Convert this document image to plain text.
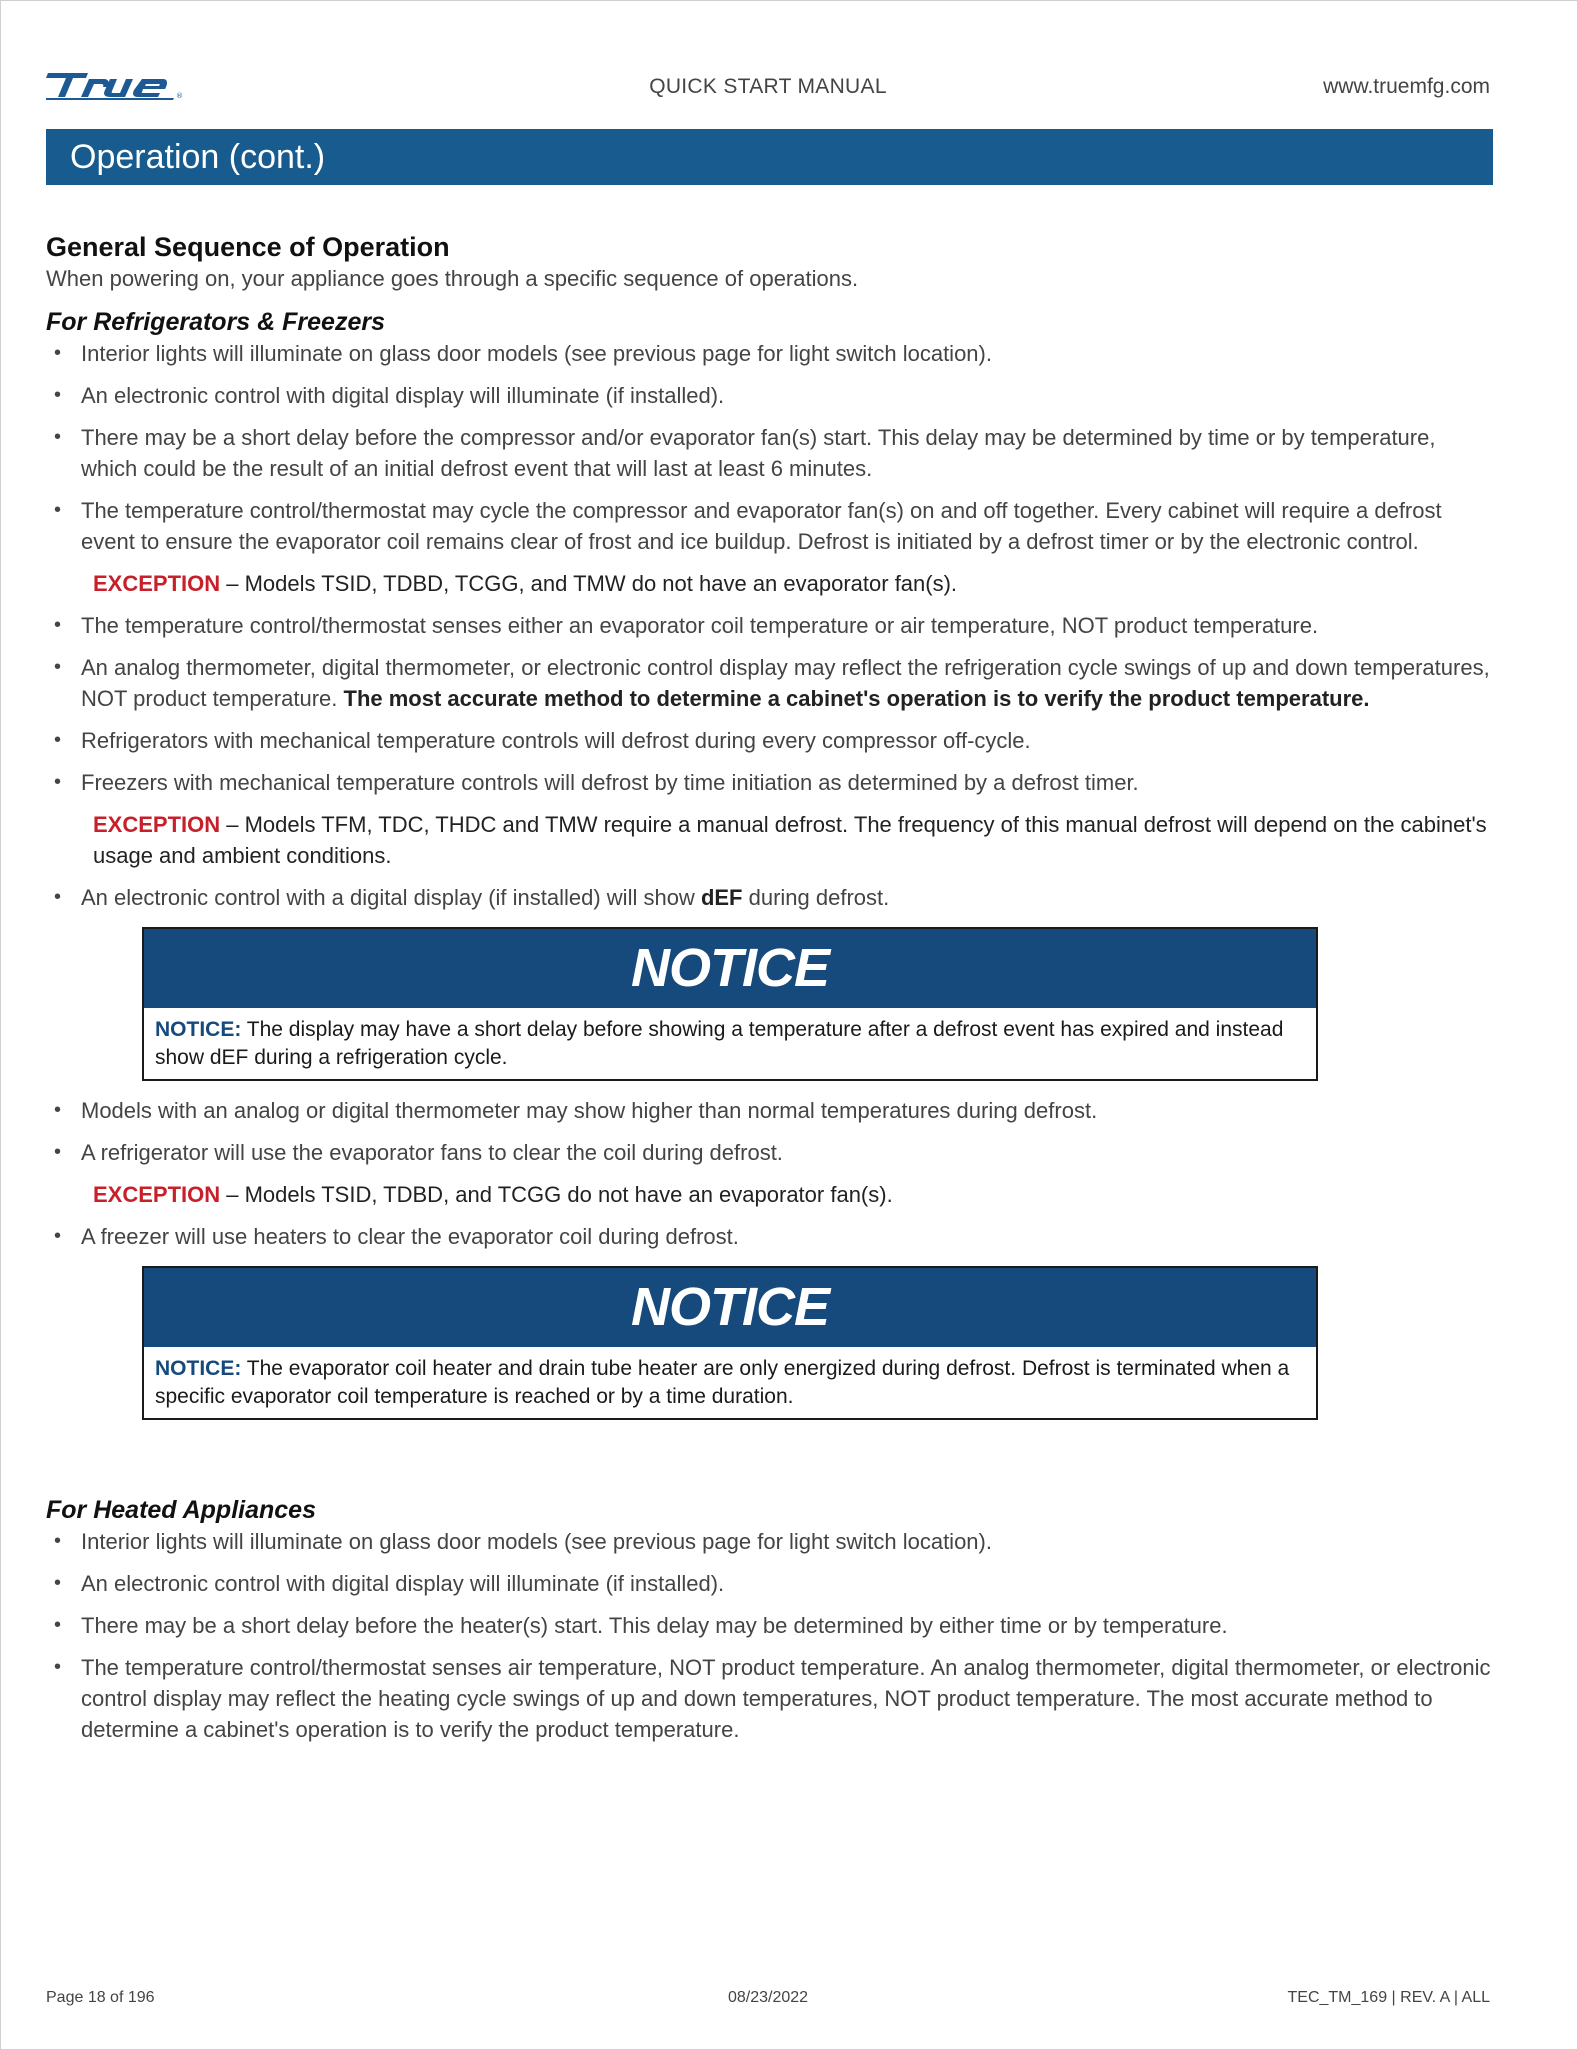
®	QUICK START MANUAL	www.truemfg.com
Operation (cont.)
General Sequence of Operation

When powering on, your appliance goes through a specific sequence of operations.

For Refrigerators & Freezers
• Interior lights will illuminate on glass door models (see previous page for light switch location).
• An electronic control with digital display will illuminate (if installed).
• There may be a short delay before the compressor and/or evaporator fan(s) start. This delay may be determined by time or by temperature, which could be the result of an initial defrost event that will last at least 6 minutes.
• The temperature control/thermostat may cycle the compressor and evaporator fan(s) on and off together. Every cabinet will require a defrost event to ensure the evaporator coil remains clear of frost and ice buildup. Defrost is initiated by a defrost timer or by the electronic control.
EXCEPTION – Models TSID, TDBD, TCGG, and TMW do not have an evaporator fan(s).
• The temperature control/thermostat senses either an evaporator coil temperature or air temperature, NOT product temperature.
• An analog thermometer, digital thermometer, or electronic control display may reflect the refrigeration cycle swings of up and down temperatures, NOT product temperature. The most accurate method to determine a cabinet's operation is to verify the product temperature.
• Refrigerators with mechanical temperature controls will defrost during every compressor off-cycle.
• Freezers with mechanical temperature controls will defrost by time initiation as determined by a defrost timer.
EXCEPTION – Models TFM, TDC, THDC and TMW require a manual defrost. The frequency of this manual defrost will depend on the cabinet's usage and ambient conditions.
• An electronic control with a digital display (if installed) will show dEF during defrost.
NOTICE
NOTICE: The display may have a short delay before showing a temperature after a defrost event has expired and instead show dEF during a refrigeration cycle.
• Models with an analog or digital thermometer may show higher than normal temperatures during defrost.
• A refrigerator will use the evaporator fans to clear the coil during defrost.
EXCEPTION – Models TSID, TDBD, and TCGG do not have an evaporator fan(s).
• A freezer will use heaters to clear the evaporator coil during defrost.
NOTICE
NOTICE: The evaporator coil heater and drain tube heater are only energized during defrost. Defrost is terminated when a specific evaporator coil temperature is reached or by a time duration.
For Heated Appliances
• Interior lights will illuminate on glass door models (see previous page for light switch location).
• An electronic control with digital display will illuminate (if installed).
• There may be a short delay before the heater(s) start. This delay may be determined by either time or by temperature.
• The temperature control/thermostat senses air temperature, NOT product temperature. An analog thermometer, digital thermometer, or electronic control display may reflect the heating cycle swings of up and down temperatures, NOT product temperature. The most accurate method to determine a cabinet's operation is to verify the product temperature.
Page 18 of 196	08/23/2022	TEC_TM_169 | REV. A | ALL
